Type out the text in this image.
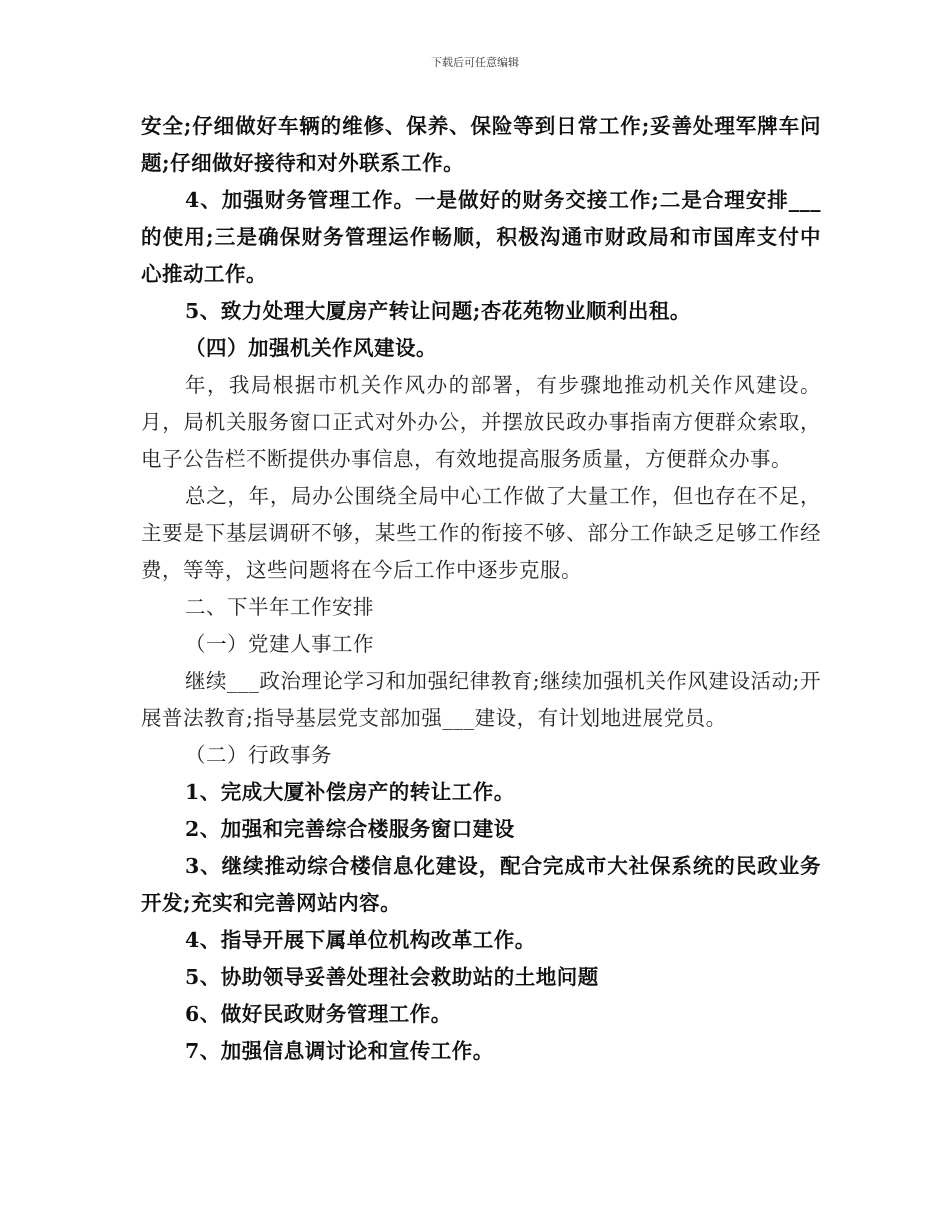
下载后可任意编辑

安全;仔细做好车辆的维修、保养、保险等到日常工作;妥善处理军牌车问题;仔细做好接待和对外联系工作。

4、加强财务管理工作。一是做好的财务交接工作;二是合理安排___的使用;三是确保财务管理运作畅顺，积极沟通市财政局和市国库支付中心推动工作。

5、致力处理大厦房产转让问题;杏花苑物业顺利出租。

（四）加强机关作风建设。

年，我局根据市机关作风办的部署，有步骤地推动机关作风建设。月，局机关服务窗口正式对外办公，并摆放民政办事指南方便群众索取，电子公告栏不断提供办事信息，有效地提高服务质量，方便群众办事。

总之，年，局办公围绕全局中心工作做了大量工作，但也存在不足，主要是下基层调研不够，某些工作的衔接不够、部分工作缺乏足够工作经费，等等，这些问题将在今后工作中逐步克服。

二、下半年工作安排

（一）党建人事工作

继续___政治理论学习和加强纪律教育;继续加强机关作风建设活动;开展普法教育;指导基层党支部加强___建设，有计划地进展党员。

（二）行政事务

1、完成大厦补偿房产的转让工作。

2、加强和完善综合楼服务窗口建设

3、继续推动综合楼信息化建设，配合完成市大社保系统的民政业务开发;充实和完善网站内容。

4、指导开展下属单位机构改革工作。

5、协助领导妥善处理社会救助站的土地问题

6、做好民政财务管理工作。

7、加强信息调讨论和宣传工作。
